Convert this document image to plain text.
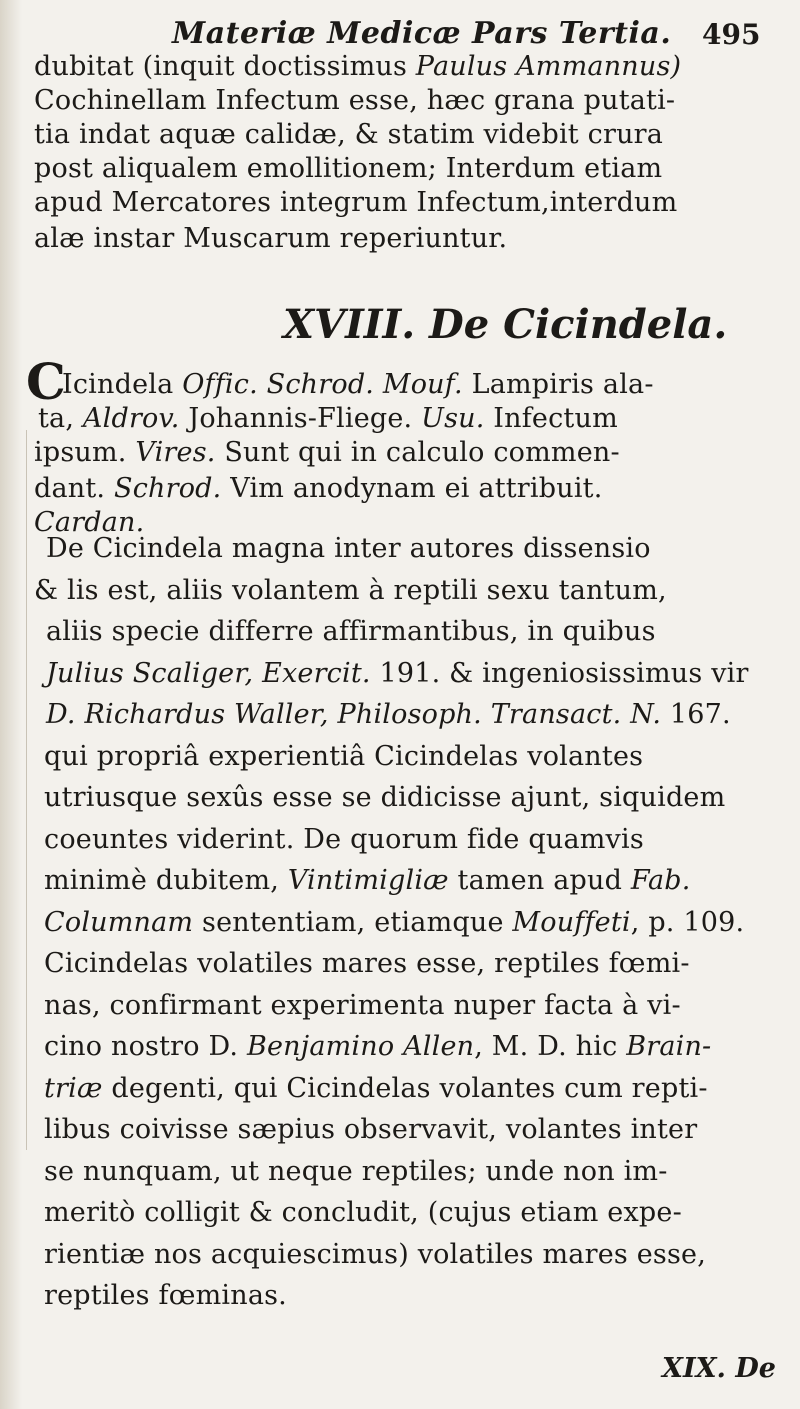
Materiæ Medicæ Pars Tertia. 495
dubitat (inquit doctissimus Paulus Ammannus)
Cochinellam Infectum esse, hæc grana putati-
tia indat aquæ calidæ, & statim videbit crura
post aliqualem emollitionem; Interdum etiam
apud Mercatores integrum Infectum,interdum
alæ instar Muscarum reperiuntur.
Icindela Offic. Schrod. Mouf. Lampiris ala-
ta, Aldrov. Johannis-Fliege. Usu. Infectum
ipsum. Vires. Sunt qui in calculo commen-
dant. Schrod. Vim anodynam ei attribuit.
Cardan.
De Cicindela magna inter autores dissensio
& lis est, aliis volantem à reptili sexu tantum,
aliis specie differre affirmantibus, in quibus
Julius Scaliger, Exercit. 191. & ingeniosissimus vir
D. Richardus Waller, Philosoph. Transact. N. 167.
qui propriâ experientiâ Cicindelas volantes
utriusque sexûs esse se didicisse ajunt, siquidem
coeuntes viderint. De quorum fide quamvis
minimè dubitem, Vintimigliæ tamen apud Fab.
Columnam sententiam, etiamque Mouffeti, p. 109.
Cicindelas volatiles mares esse, reptiles fœmi-
nas, confirmant experimenta nuper facta à vi-
cino nostro D. Benjamino Allen, M. D. hic Brain-
triæ degenti, qui Cicindelas volantes cum repti-
libus coivisse sæpius observavit, volantes inter
se nunquam, ut neque reptiles; unde non im-
meritò colligit & concludit, (cujus etiam expe-
rientiæ nos acquiescimus) volatiles mares esse,
reptiles fœminas.
XVIII. De Cicindela.
C
XIX. De
